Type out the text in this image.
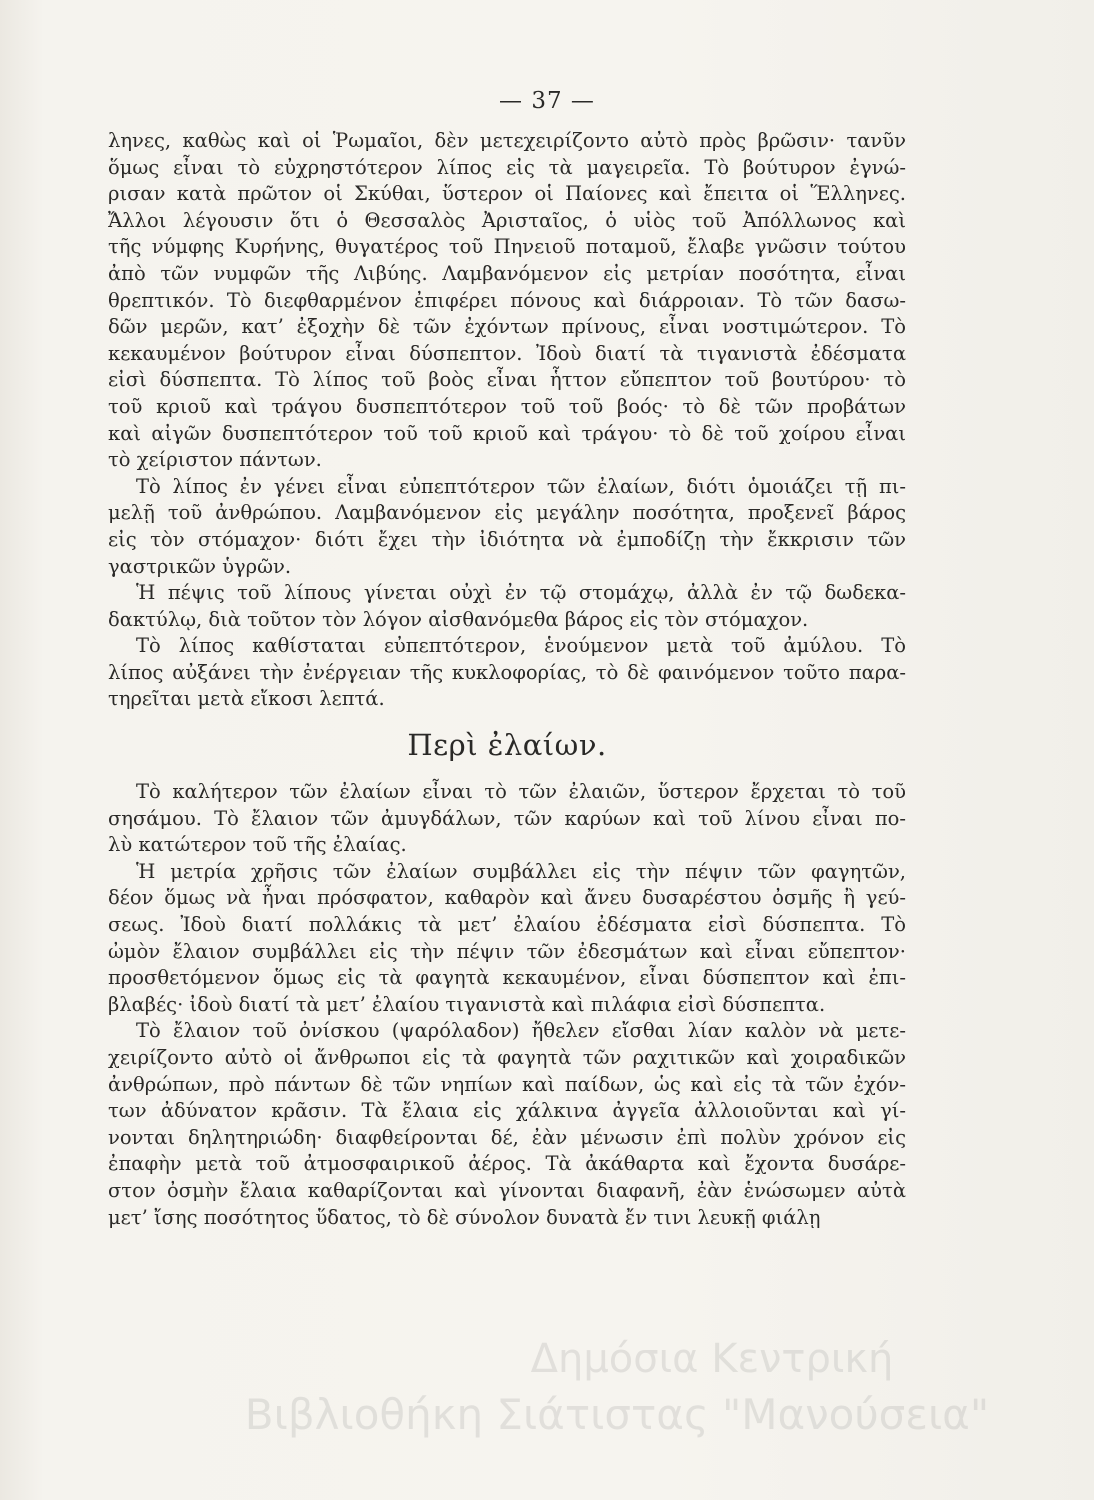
— 37 —
ληνες, καθὼς καὶ οἱ Ῥωμαῖοι, δὲν μετεχειρίζοντο αὐτὸ πρὸς βρῶσιν· τανῦν
ὅμως εἶναι τὸ εὐχρηστότερον λίπος εἰς τὰ μαγειρεῖα. Τὸ βούτυρον ἐγνώ-
ρισαν κατὰ πρῶτον οἱ Σκύθαι, ὕστερον οἱ Παίονες καὶ ἔπειτα οἱ Ἕλληνες.
Ἄλλοι λέγουσιν ὅτι ὁ Θεσσαλὸς Ἀρισταῖος, ὁ υἱὸς τοῦ Ἀπόλλωνος καὶ
τῆς νύμφης Κυρήνης, θυγατέρος τοῦ Πηνειοῦ ποταμοῦ, ἔλαβε γνῶσιν τούτου
ἀπὸ τῶν νυμφῶν τῆς Λιβύης. Λαμβανόμενον εἰς μετρίαν ποσότητα, εἶναι
θρεπτικόν. Τὸ διεφθαρμένον ἐπιφέρει πόνους καὶ διάρροιαν. Τὸ τῶν δασω-
δῶν μερῶν, κατ’ ἐξοχὴν δὲ τῶν ἐχόντων πρίνους, εἶναι νοστιμώτερον. Τὸ
κεκαυμένον βούτυρον εἶναι δύσπεπτον. Ἰδοὺ διατί τὰ τιγανιστὰ ἐδέσματα
εἰσὶ δύσπεπτα. Τὸ λίπος τοῦ βοὸς εἶναι ἧττον εὔπεπτον τοῦ βουτύρου· τὸ
τοῦ κριοῦ καὶ τράγου δυσπεπτότερον τοῦ τοῦ βοός· τὸ δὲ τῶν προβάτων
καὶ αἰγῶν δυσπεπτότερον τοῦ τοῦ κριοῦ καὶ τράγου· τὸ δὲ τοῦ χοίρου εἶναι
τὸ χείριστον πάντων.
Τὸ λίπος ἐν γένει εἶναι εὐπεπτότερον τῶν ἐλαίων, διότι ὁμοιάζει τῇ πι-
μελῇ τοῦ ἀνθρώπου. Λαμβανόμενον εἰς μεγάλην ποσότητα, προξενεῖ βάρος
εἰς τὸν στόμαχον· διότι ἔχει τὴν ἰδιότητα νὰ ἐμποδίζῃ τὴν ἔκκρισιν τῶν
γαστρικῶν ὑγρῶν.
Ἡ πέψις τοῦ λίπους γίνεται οὐχὶ ἐν τῷ στομάχῳ, ἀλλὰ ἐν τῷ δωδεκα-
δακτύλῳ, διὰ τοῦτον τὸν λόγον αἰσθανόμεθα βάρος εἰς τὸν στόμαχον.
Τὸ λίπος καθίσταται εὐπεπτότερον, ἑνούμενον μετὰ τοῦ ἀμύλου. Τὸ
λίπος αὐξάνει τὴν ἐνέργειαν τῆς κυκλοφορίας, τὸ δὲ φαινόμενον τοῦτο παρα-
τηρεῖται μετὰ εἴκοσι λεπτά.
Περὶ ἐλαίων.
Τὸ καλήτερον τῶν ἐλαίων εἶναι τὸ τῶν ἐλαιῶν, ὕστερον ἔρχεται τὸ τοῦ
σησάμου. Τὸ ἔλαιον τῶν ἀμυγδάλων, τῶν καρύων καὶ τοῦ λίνου εἶναι πο-
λὺ κατώτερον τοῦ τῆς ἐλαίας.
Ἡ μετρία χρῆσις τῶν ἐλαίων συμβάλλει εἰς τὴν πέψιν τῶν φαγητῶν,
δέον ὅμως νὰ ἦναι πρόσφατον, καθαρὸν καὶ ἄνευ δυσαρέστου ὀσμῆς ἢ γεύ-
σεως. Ἰδοὺ διατί πολλάκις τὰ μετ’ ἐλαίου ἐδέσματα εἰσὶ δύσπεπτα. Τὸ
ὠμὸν ἔλαιον συμβάλλει εἰς τὴν πέψιν τῶν ἐδεσμάτων καὶ εἶναι εὔπεπτον·
προσθετόμενον ὅμως εἰς τὰ φαγητὰ κεκαυμένον, εἶναι δύσπεπτον καὶ ἐπι-
βλαβές· ἰδοὺ διατί τὰ μετ’ ἐλαίου τιγανιστὰ καὶ πιλάφια εἰσὶ δύσπεπτα.
Τὸ ἔλαιον τοῦ ὀνίσκου (ψαρόλαδον) ἤθελεν εἴσθαι λίαν καλὸν νὰ μετε-
χειρίζοντο αὐτὸ οἱ ἄνθρωποι εἰς τὰ φαγητὰ τῶν ραχιτικῶν καὶ χοιραδικῶν
ἀνθρώπων, πρὸ πάντων δὲ τῶν νηπίων καὶ παίδων, ὡς καὶ εἰς τὰ τῶν ἐχόν-
των ἀδύνατον κρᾶσιν. Τὰ ἔλαια εἰς χάλκινα ἀγγεῖα ἀλλοιοῦνται καὶ γί-
νονται δηλητηριώδη· διαφθείρονται δέ, ἐὰν μένωσιν ἐπὶ πολὺν χρόνον εἰς
ἐπαφὴν μετὰ τοῦ ἀτμοσφαιρικοῦ ἀέρος. Τὰ ἀκάθαρτα καὶ ἔχοντα δυσάρε-
στον ὀσμὴν ἔλαια καθαρίζονται καὶ γίνονται διαφανῆ, ἐὰν ἑνώσωμεν αὐτὰ
μετ’ ἴσης ποσότητος ὕδατος, τὸ δὲ σύνολον δυνατὰ ἔν τινι λευκῇ φιάλῃ
Δημόσια Κεντρική
Βιβλιοθήκη Σιάτιστας "Μανούσεια"
